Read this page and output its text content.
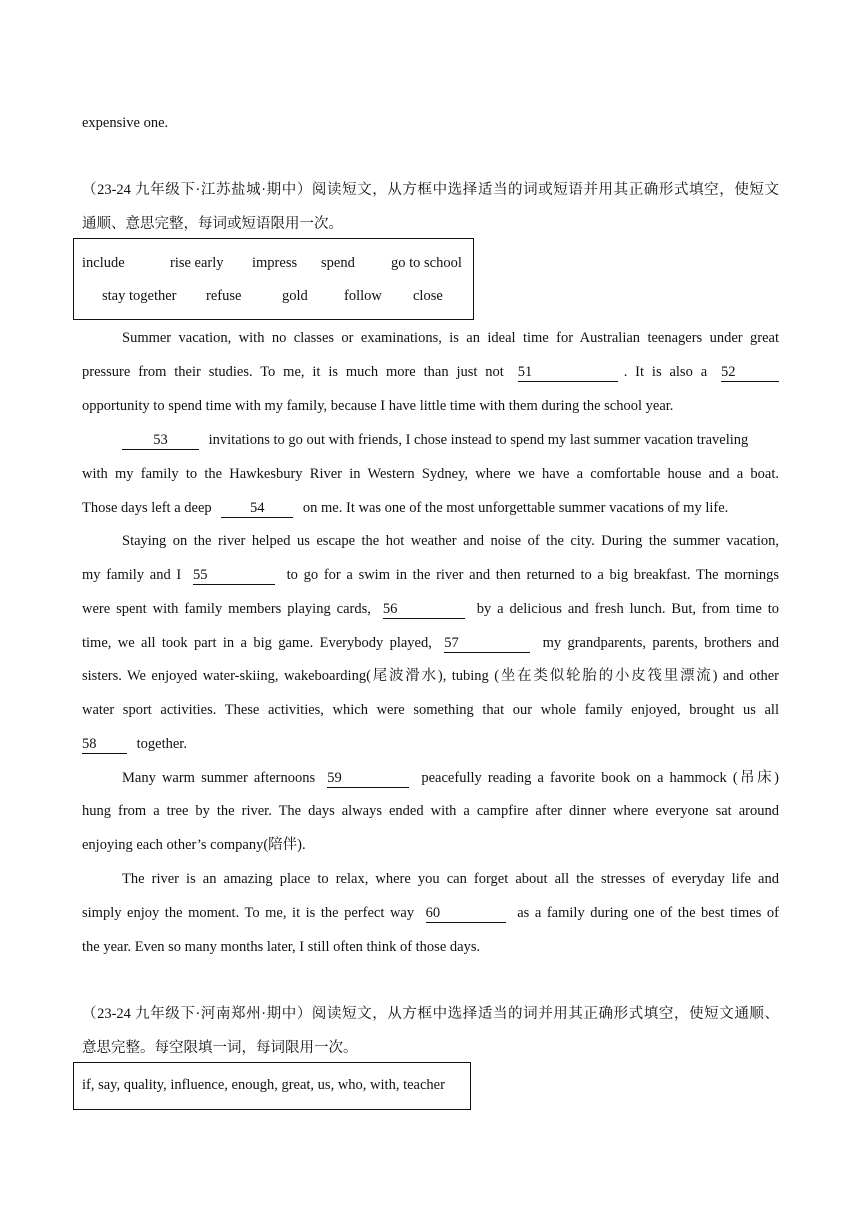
expensive one.
（23-24 九年级下·江苏盐城·期中）阅读短文，从方框中选择适当的词或短语并用其正确形式填空，使短文
通顺、意思完整，每词或短语限用一次。
include	rise early impress spend go to school
stay together refuse	gold follow close
Summer vacation, with no classes or examinations, is an ideal time for Australian teenagers under great
pressure from their studies. To me, it is much more than just not 51	. It is also a 52
opportunity to spend time with my family, because I have little time with them during the school year.
53	invitations to go out with friends, I chose instead to spend my last summer vacation traveling
with my family to the Hawkesbury River in Western Sydney, where we have a comfortable house and a boat.
Those days left a deep	54	on me. It was one of the most unforgettable summer vacations of my life.
Staying on the river helped us escape the hot weather and noise of the city. During the summer vacation,
my family and I 55	to go for a swim in the river and then returned to a big breakfast. The mornings
were spent with family members playing cards, 56	by a delicious and fresh lunch. But, from time to
time, we all took part in a big game. Everybody played, 57	my grandparents, parents, brothers and
sisters. We enjoyed water-skiing, wakeboarding(尾波滑水), tubing (坐在类似轮胎的小皮筏里漂流) and other
water sport activities. These activities, which were something that our whole family enjoyed, brought us all
58	together.
Many warm summer afternoons 59	peacefully reading a favorite book on a hammock (吊床)
hung from a tree by the river. The days always ended with a campfire after dinner where everyone sat around
enjoying each other’s company(陪伴).
The river is an amazing place to relax, where you can forget about all the stresses of everyday life and
simply enjoy the moment. To me, it is the perfect way 60	as a family during one of the best times of
the year. Even so many months later, I still often think of those days.
（23-24 九年级下·河南郑州·期中）阅读短文，从方框中选择适当的词并用其正确形式填空，使短文通顺、
意思完整。每空限填一词，每词限用一次。
if, say, quality, influence, enough, great, us, who, with, teacher
